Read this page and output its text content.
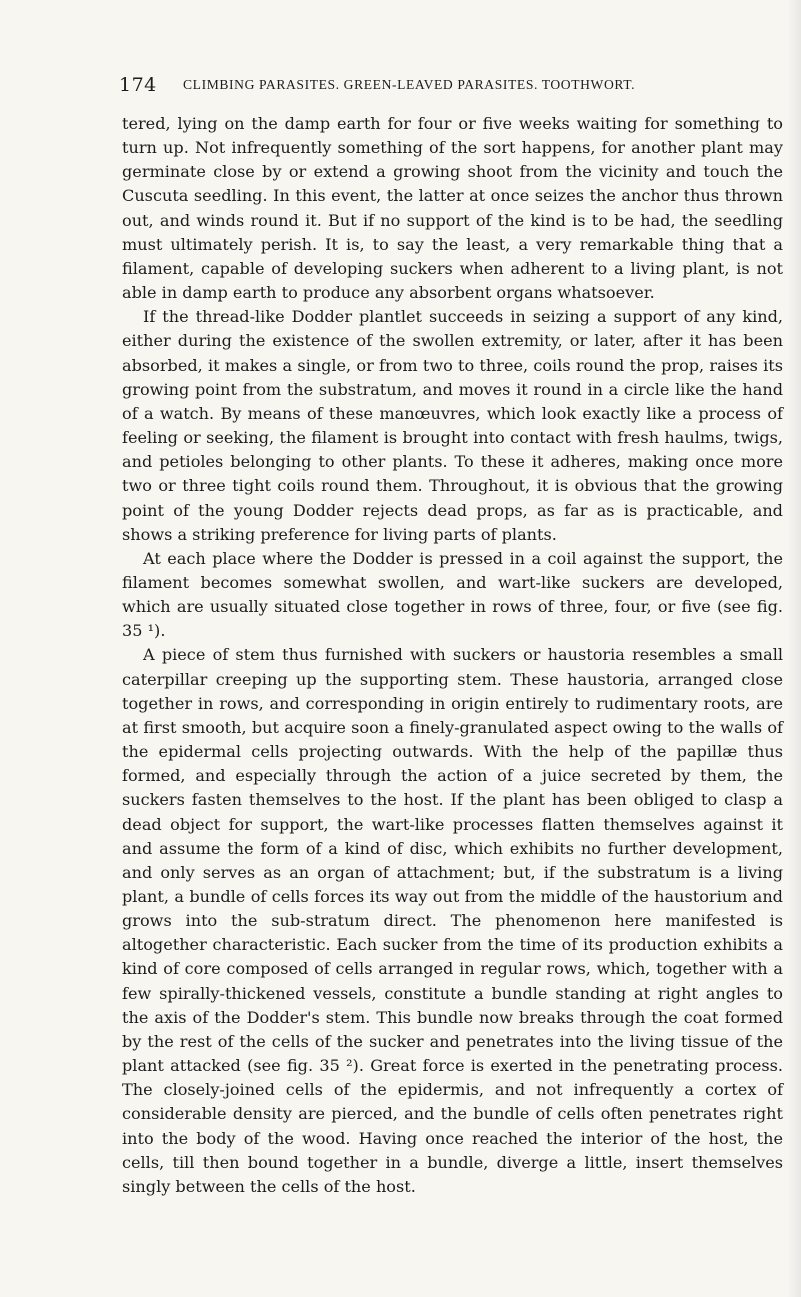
174 CLIMBING PARASITES. GREEN-LEAVED PARASITES. TOOTHWORT.

tered, lying on the damp earth for four or five weeks waiting for something to turn up. Not infrequently something of the sort happens, for another plant may germinate close by or extend a growing shoot from the vicinity and touch the Cuscuta seedling. In this event, the latter at once seizes the anchor thus thrown out, and winds round it. But if no support of the kind is to be had, the seedling must ultimately perish. It is, to say the least, a very remarkable thing that a filament, capable of developing suckers when adherent to a living plant, is not able in damp earth to produce any absorbent organs whatsoever.

If the thread-like Dodder plantlet succeeds in seizing a support of any kind, either during the existence of the swollen extremity, or later, after it has been absorbed, it makes a single, or from two to three, coils round the prop, raises its growing point from the substratum, and moves it round in a circle like the hand of a watch. By means of these manœuvres, which look exactly like a process of feeling or seeking, the filament is brought into contact with fresh haulms, twigs, and petioles belonging to other plants. To these it adheres, making once more two or three tight coils round them. Throughout, it is obvious that the growing point of the young Dodder rejects dead props, as far as is practicable, and shows a striking preference for living parts of plants.

At each place where the Dodder is pressed in a coil against the support, the filament becomes somewhat swollen, and wart-like suckers are developed, which are usually situated close together in rows of three, four, or five (see fig. 35 ¹).

A piece of stem thus furnished with suckers or haustoria resembles a small caterpillar creeping up the supporting stem. These haustoria, arranged close together in rows, and corresponding in origin entirely to rudimentary roots, are at first smooth, but acquire soon a finely-granulated aspect owing to the walls of the epidermal cells projecting outwards. With the help of the papillæ thus formed, and especially through the action of a juice secreted by them, the suckers fasten themselves to the host. If the plant has been obliged to clasp a dead object for support, the wart-like processes flatten themselves against it and assume the form of a kind of disc, which exhibits no further development, and only serves as an organ of attachment; but, if the substratum is a living plant, a bundle of cells forces its way out from the middle of the haustorium and grows into the sub-stratum direct. The phenomenon here manifested is altogether characteristic. Each sucker from the time of its production exhibits a kind of core composed of cells arranged in regular rows, which, together with a few spirally-thickened vessels, constitute a bundle standing at right angles to the axis of the Dodder's stem. This bundle now breaks through the coat formed by the rest of the cells of the sucker and penetrates into the living tissue of the plant attacked (see fig. 35 ²). Great force is exerted in the penetrating process. The closely-joined cells of the epidermis, and not infrequently a cortex of considerable density are pierced, and the bundle of cells often penetrates right into the body of the wood. Having once reached the interior of the host, the cells, till then bound together in a bundle, diverge a little, insert themselves singly between the cells of the host.
